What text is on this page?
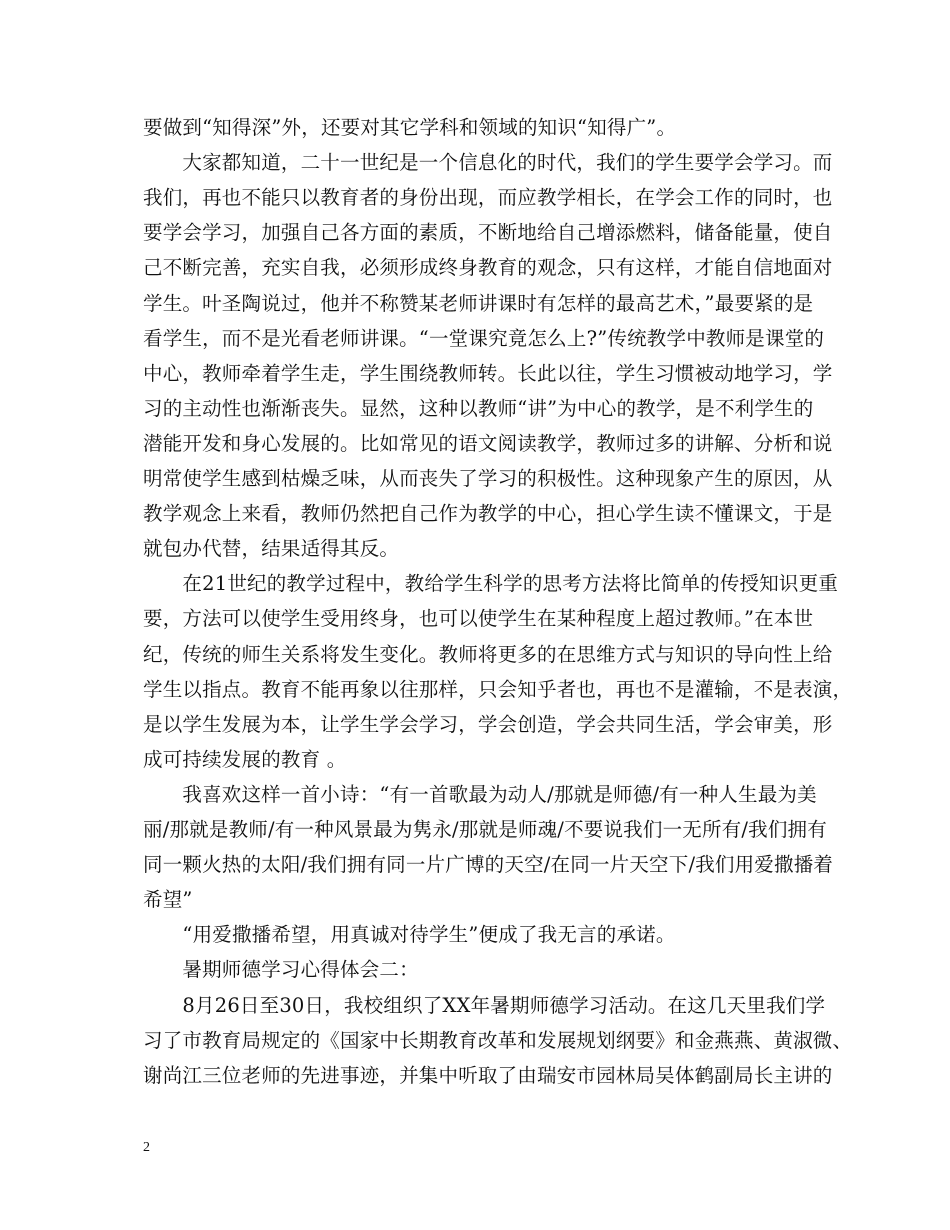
要做到“知得深”外，还要对其它学科和领域的知识“知得广”。
　　大家都知道，二十一世纪是一个信息化的时代，我们的学生要学会学习。而
我们，再也不能只以教育者的身份出现，而应教学相长，在学会工作的同时，也
要学会学习，加强自己各方面的素质，不断地给自己增添燃料，储备能量，使自
己不断完善，充实自我，必须形成终身教育的观念，只有这样，才能自信地面对
学生。叶圣陶说过，他并不称赞某老师讲课时有怎样的最高艺术，”最要紧的是
看学生，而不是光看老师讲课。“一堂课究竟怎么上?”传统教学中教师是课堂的
中心，教师牵着学生走，学生围绕教师转。长此以往，学生习惯被动地学习，学
习的主动性也渐渐丧失。显然，这种以教师“讲”为中心的教学，是不利学生的
潜能开发和身心发展的。比如常见的语文阅读教学，教师过多的讲解、分析和说
明常使学生感到枯燥乏味，从而丧失了学习的积极性。这种现象产生的原因，从
教学观念上来看，教师仍然把自己作为教学的中心，担心学生读不懂课文，于是
就包办代替，结果适得其反。
　　在21世纪的教学过程中，教给学生科学的思考方法将比简单的传授知识更重
要，方法可以使学生受用终身，也可以使学生在某种程度上超过教师。”在本世
纪，传统的师生关系将发生变化。教师将更多的在思维方式与知识的导向性上给
学生以指点。教育不能再象以往那样，只会知乎者也，再也不是灌输，不是表演，
是以学生发展为本，让学生学会学习，学会创造，学会共同生活，学会审美，形
成可持续发展的教育 。
　　我喜欢这样一首小诗：“有一首歌最为动人/那就是师德/有一种人生最为美
丽/那就是教师/有一种风景最为隽永/那就是师魂/不要说我们一无所有/我们拥有
同一颗火热的太阳/我们拥有同一片广博的天空/在同一片天空下/我们用爱撒播着
希望”
　　“用爱撒播希望，用真诚对待学生”便成了我无言的承诺。
　　暑期师德学习心得体会二：
　　8月26日至30日，我校组织了XX年暑期师德学习活动。在这几天里我们学
习了市教育局规定的《国家中长期教育改革和发展规划纲要》和金燕燕、黄淑微、
谢尚江三位老师的先进事迹，并集中听取了由瑞安市园林局吴体鹤副局长主讲的
2
